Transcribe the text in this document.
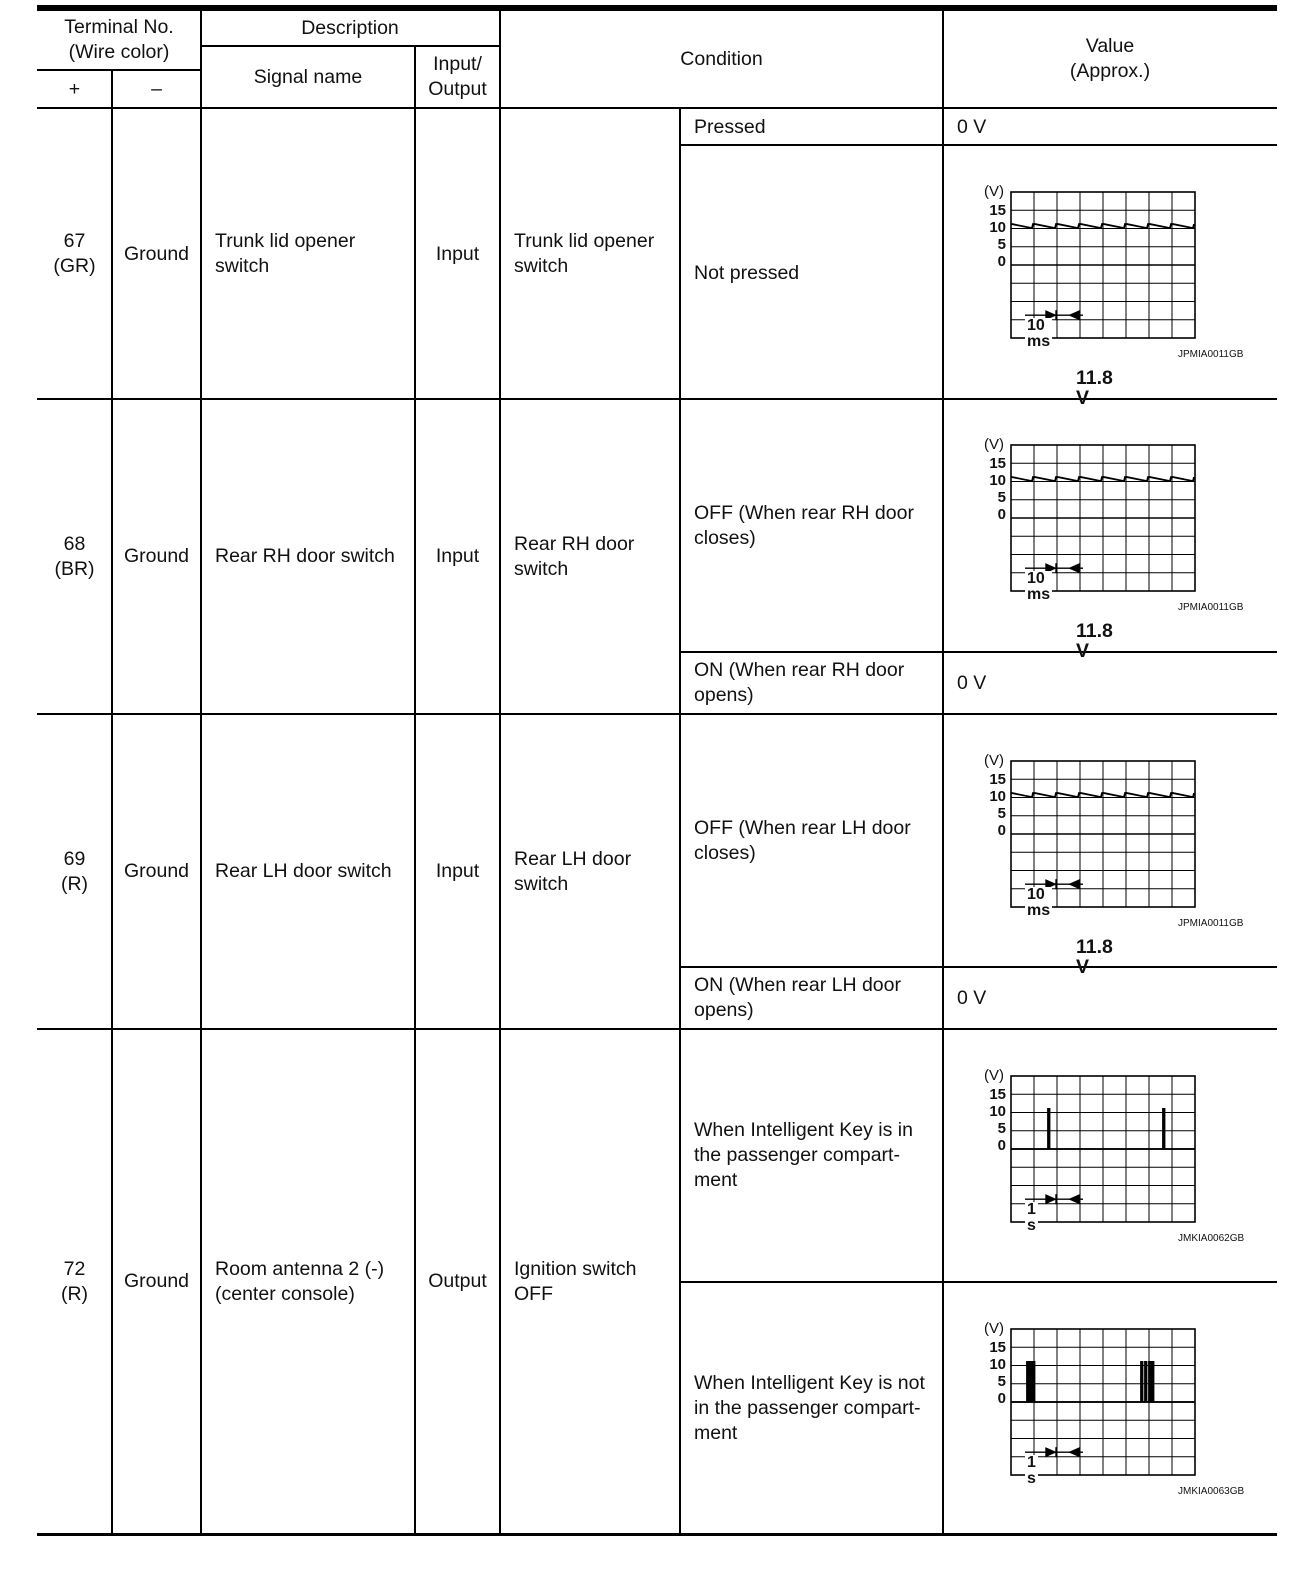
Terminal No.
(Wire color)
+	–
Description
Signal name
Input/
Output
Condition
Value
(Approx.)
67
(GR)
Ground
Trunk lid opener
switch
Input
Trunk lid opener
switch
Pressed	0 V
Not pressed
68
(BR)
Ground Rear RH door switch Input
Rear RH door
switch
OFF (When rear RH door
closes)
ON (When rear RH door
opens)
0 V
69
(R)
Ground Rear LH door switch Input
Rear LH door
switch
OFF (When rear LH door
closes)
ON (When rear LH door
opens)
0 V
72
(R)
Ground
Room antenna 2 (-)
(center console)
Output
Ignition switch
OFF
When Intelligent Key is in
the passenger compart-
ment
When Intelligent Key is not
in the passenger compart-
ment
(V)
15
10
5
0
10 ms
JPMIA0011GB
11.8 V
(V)
15
10
5
0
10 ms
JPMIA0011GB
11.8 V
(V)
15
10
5
0
10 ms
JPMIA0011GB
11.8 V
(V)
15
10
5
0
1 s
JMKIA0062GB
(V)
15
10
5
0
1 s
JMKIA0063GB
